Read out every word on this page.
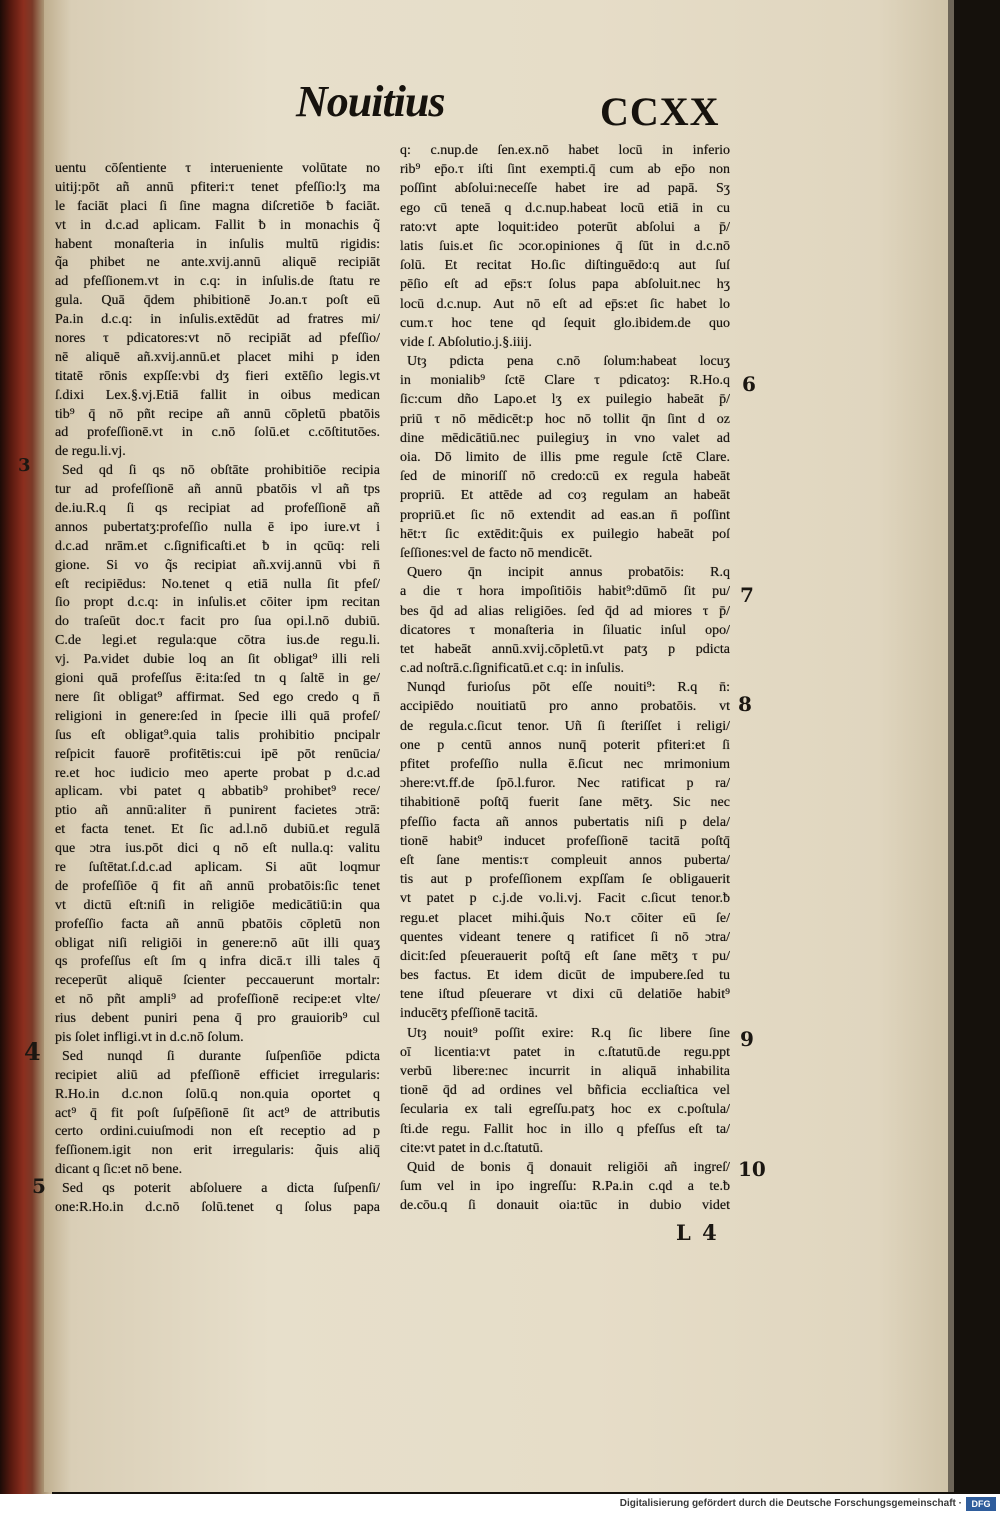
Nouitius	CCXX
uentu cōſentiente τ interueniente volūtate no
uitij:pōt añ annū pfiteri:τ tenet pfeſſio:lʒ ma
le faciāt placi ſi ſine magna diſcretiōe ƀ faciāt.
vt in d.c.ad aplicam. Fallit ƀ in monachis q̃
habent monaſteria in inſulis multū rigidis:
q̃a phibet ne ante.xvij.annū aliquē recipiāt
ad pfeſſionem.vt in c.q: in inſulis.de ſtatu re
gula. Quā q̄dem phibitionē Jo.an.τ poſt eū
Pa.in d.c.q: in inſulis.extēdūt ad fratres mi/
nores τ pdicatores:vt nō recipiāt ad pfeſſio/
nē aliquē añ.xvij.annū.et placet mihi p iden
titatē rōnis expſſe:vbi dʒ fieri extēſio legis.vt
ſ.dixi Lex.§.vj.Etiā fallit in oibus medican
tib⁹ q̄ nō pñt recipe añ annū cōpletū pbatōis
ad profeſſionē.vt in c.nō ſolū.et c.cōſtitutōes.
de regu.li.vj.
Sed qd ſi qs nō obſtāte prohibitiōe recipia
tur ad profeſſionē añ annū pbatōis vl añ tps
de.iu.R.q ſi qs recipiat ad profeſſionē añ
annos pubertatʒ:profeſſio nulla ē ipo iure.vt i
d.c.ad nrām.et c.ſignificaſti.et ƀ in qcūq: reli
gione. Si vo q̃s recipiat añ.xvij.annū vbi n̄
eſt recipiēdus: No.tenet q etiā nulla ſit pfeſ/
ſio propt d.c.q: in inſulis.et cōiter ipm recitan
do traſeūt doc.τ facit pro ſua opi.l.nō dubiū.
C.de legi.et regula:que cōtra ius.de regu.li.
vj. Pa.videt dubie loq an ſit obligat⁹ illi reli
gioni quā profeſſus ē:ita:ſed tn q ſaltē in ge/
nere ſit obligat⁹ affirmat. Sed ego credo q n̄
religioni in genere:ſed in ſpecie illi quā profeſ/
ſus eſt obligat⁹.quia talis prohibitio pncipalr
reſpicit fauorē profitētis:cui ipē pōt renūcia/
re.et hoc iudicio meo aperte probat p d.c.ad
aplicam. vbi patet q abbatib⁹ prohibet⁹ rece/
ptio añ annū:aliter n̄ punirent facietes ɔtrā:
et facta tenet. Et ſic ad.l.nō dubiū.et regulā
que ɔtra ius.pōt dici q nō eſt nulla.q: valitu
re ſuſtētat.ſ.d.c.ad aplicam. Si aūt loqmur
de profeſſiōe q̄ fit añ annū probatōis:ſic tenet
vt dictū eſt:niſi in religiōe medicātiū:in qua
profeſſio facta añ annū pbatōis cōpletū non
obligat niſi religiōi in genere:nō aūt illi quaʒ
qs profeſſus eſt ſm q infra dicā.τ illi tales q̄
receperūt aliquē ſcienter peccauerunt mortalr:
et nō pñt ampli⁹ ad profeſſionē recipe:et vlte/
rius debent puniri pena q̄ pro grauiorib⁹ cul
pis ſolet infligi.vt in d.c.nō ſolum.
Sed nunqd ſi durante ſuſpenſiōe pdicta
recipiet aliū ad pfeſſionē efficiet irregularis:
R.Ho.in d.c.non ſolū.q non.quia oportet q
act⁹ q̄ fit poſt ſuſpēſionē ſit act⁹ de attributis
certo ordini.cuiuſmodi non eſt receptio ad p
feſſionem.igit non erit irregularis: q̃uis aliq̄
dicant q ſic:et nō bene.
Sed qs poterit abſoluere a dicta ſuſpenſi/
one:R.Ho.in d.c.nō ſolū.tenet q ſolus papa
q: c.nup.de ſen.ex.nō habet locū in inferio
rib⁹ ep̄o.τ iſti ſint exempti.q̄ cum ab ep̄o non
poſſint abſolui:neceſſe habet ire ad papā. Sʒ
ego cū teneā q d.c.nup.habeat locū etiā in cu
rato:vt apte loquit:ideo poterūt abſolui a p̄/
latis ſuis.et ſic ɔcor.opiniones q̄ ſūt in d.c.nō
ſolū. Et recitat Ho.ſic diſtinguēdo:q aut ſuſ
pēſio eſt ad ep̄s:τ ſolus papa abſoluit.nec hʒ
locū d.c.nup. Aut nō eſt ad ep̄s:et ſic habet lo
cum.τ hoc tene qd ſequit glo.ibidem.de quo
vide ſ. Abſolutio.j.§.iiij.
Utȝ pdicta pena c.nō ſolum:habeat locuʒ
in monialib⁹ ſctē Clare τ pdicatoȝ: R.Ho.q
ſic:cum dño Lapo.et lʒ ex puilegio habeāt p̄/
priū τ nō mēdicēt:p hoc nō tollit q̄n ſint d oz
dine mēdicātiū.nec puilegiuʒ in vno valet ad
oia. Dō limito de illis pme regule ſctē Clare.
ſed de minoriſſ nō credo:cū ex regula habeāt
propriū. Et attēde ad coȝ regulam an habeāt
propriū.et ſic nō extendit ad eas.an n̄ poſſint
hēt:τ ſic extēdit:q̃uis ex puilegio habeāt poſ
ſeſſiones:vel de facto nō mendicēt.
Quero q̄n incipit annus probatōis: R.q
a die τ hora impoſitiōis habit⁹:dūmō ſit pu/
bes q̄d ad alias religiōes. ſed q̄d ad miores τ p̄/
dicatores τ monaſteria in ſiluatic inſul opo/
tet habeāt annū.xvij.cōpletū.vt patʒ p pdicta
c.ad noſtrā.c.ſignificatū.et c.q: in inſulis.
Nunqd furioſus pōt eſſe nouiti⁹: R.q n̄:
accipiēdo nouitiatū pro anno probatōis. vt
de regula.c.ſicut tenor. Uñ ſi ſteriſſet i religi/
one p centū annos nunq̄ poterit pfiteri:et ſi
pfitet profeſſio nulla ē.ſicut nec mrimonium
ɔhere:vt.ff.de ſpō.l.furor. Nec ratificat p ra/
tihabitionē poſtq̄ fuerit ſane mētʒ. Sic nec
pfeſſio facta añ annos pubertatis niſi p dela/
tionē habit⁹ inducet profeſſionē tacitā poſtq̄
eſt ſane mentis:τ compleuit annos puberta/
tis aut p profeſſionem expſſam ſe obligauerit
vt patet p c.j.de vo.li.vj. Facit c.ſicut tenor.ƀ
regu.et placet mihi.q̃uis No.τ cōiter eū ſe/
quentes videant tenere q ratificet ſi nō ɔtra/
dicit:ſed pſeuerauerit poſtq̄ eſt ſane mētʒ τ pu/
bes factus. Et idem dicūt de impubere.ſed tu
tene iſtud pſeuerare vt dixi cū delatiōe habit⁹
inducētʒ pfeſſionē tacitā.
Utȝ nouit⁹ poſſit exire: R.q ſic libere ſine
oī licentia:vt patet in c.ſtatutū.de regu.ppt
verbū libere:nec incurrit in aliquā inhabilita
tionē q̄d ad ordines vel bñficia eccliaſtica vel
ſecularia ex tali egreſſu.patʒ hoc ex c.poſtula/
ſti.de regu. Fallit hoc in illo q pfeſſus eſt ta/
cite:vt patet in d.c.ſtatutū.
Quid de bonis q̄ donauit religiōi añ ingreſ/
ſum vel in ipo ingreſſu: R.Pa.in c.qd a te.ƀ
de.cōu.q ſi donauit oia:tūc in dubio videt
3
4
5
6
7
8
9
10
L 4
Digitalisierung gefördert durch die Deutsche Forschungsgemeinschaft ·	DFG
